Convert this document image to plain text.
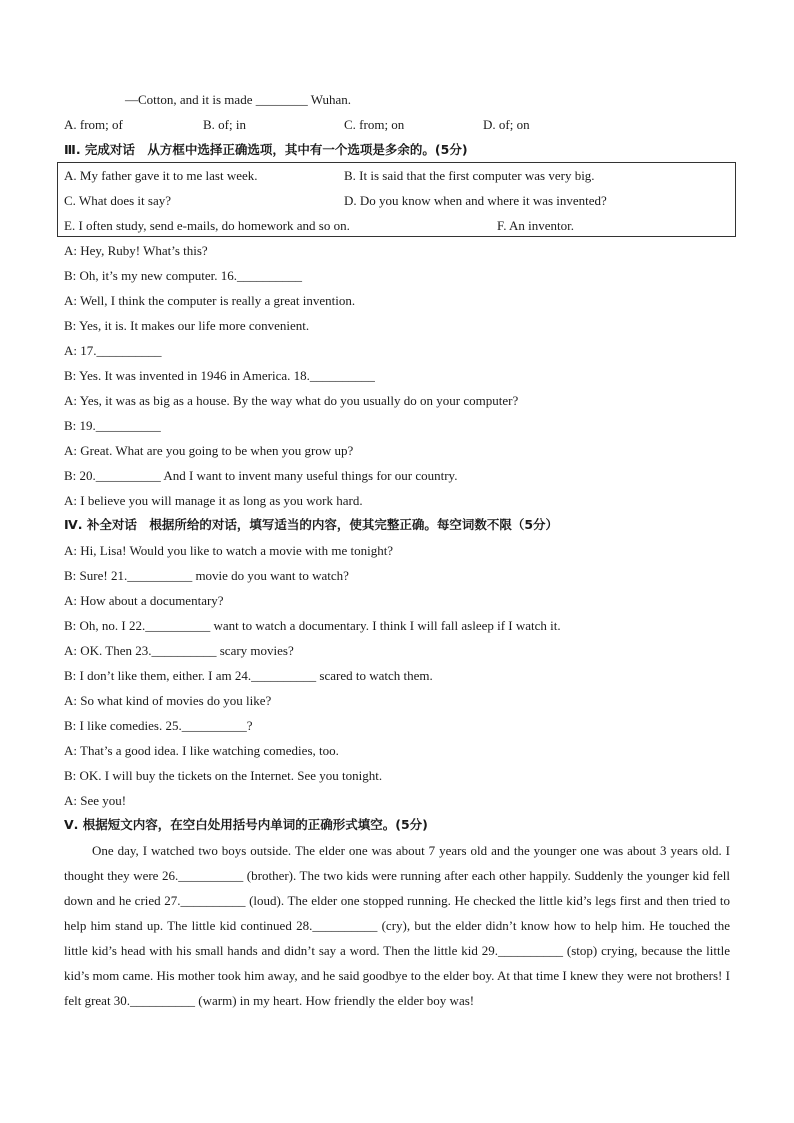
—Cotton, and it is made ________ Wuhan.
A. from; of	B. of; in	C. from; on	D. of; on
Ⅲ. 完成对话　从方框中选择正确选项，其中有一个选项是多余的。(5分)
A. My father gave it to me last week.	B. It is said that the first computer was very big.
C. What does it say?	D. Do you know when and where it was invented?
E. I often study, send e-mails, do homework and so on.	F. An inventor.
A: Hey, Ruby! What’s this?
B: Oh, it’s my new computer. 16.__________
A: Well, I think the computer is really a great invention.
B: Yes, it is. It makes our life more convenient.
A: 17.__________
B: Yes. It was invented in 1946 in America. 18.__________
A: Yes, it was as big as a house. By the way what do you usually do on your computer?
B: 19.__________
A: Great. What are you going to be when you grow up?
B: 20.__________ And I want to invent many useful things for our country.
A: I believe you will manage it as long as you work hard.
Ⅳ. 补全对话　根据所给的对话，填写适当的内容，使其完整正确。每空词数不限（5分）
A: Hi, Lisa! Would you like to watch a movie with me tonight?
B: Sure! 21.__________ movie do you want to watch?
A: How about a documentary?
B: Oh, no. I 22.__________ want to watch a documentary. I think I will fall asleep if I watch it.
A: OK. Then 23.__________ scary movies?
B: I don’t like them, either. I am 24.__________ scared to watch them.
A: So what kind of movies do you like?
B: I like comedies. 25.__________?
A: That’s a good idea. I like watching comedies, too.
B: OK. I will buy the tickets on the Internet. See you tonight.
A: See you!
Ⅴ. 根据短文内容，在空白处用括号内单词的正确形式填空。(5分)
One day, I watched two boys outside. The elder one was about 7 years old and the younger one was about 3 years old. I thought they were 26.__________ (brother). The two kids were running after each other happily. Suddenly the younger kid fell down and he cried 27.__________ (loud). The elder one stopped running. He checked the little kid’s legs first and then tried to help him stand up. The little kid continued 28.__________ (cry), but the elder didn’t know how to help him. He touched the little kid’s head with his small hands and didn’t say a word. Then the little kid 29.__________ (stop) crying, because the little kid’s mom came. His mother took him away, and he said goodbye to the elder boy. At that time I knew they were not brothers! I felt great 30.__________ (warm) in my heart. How friendly the elder boy was!
